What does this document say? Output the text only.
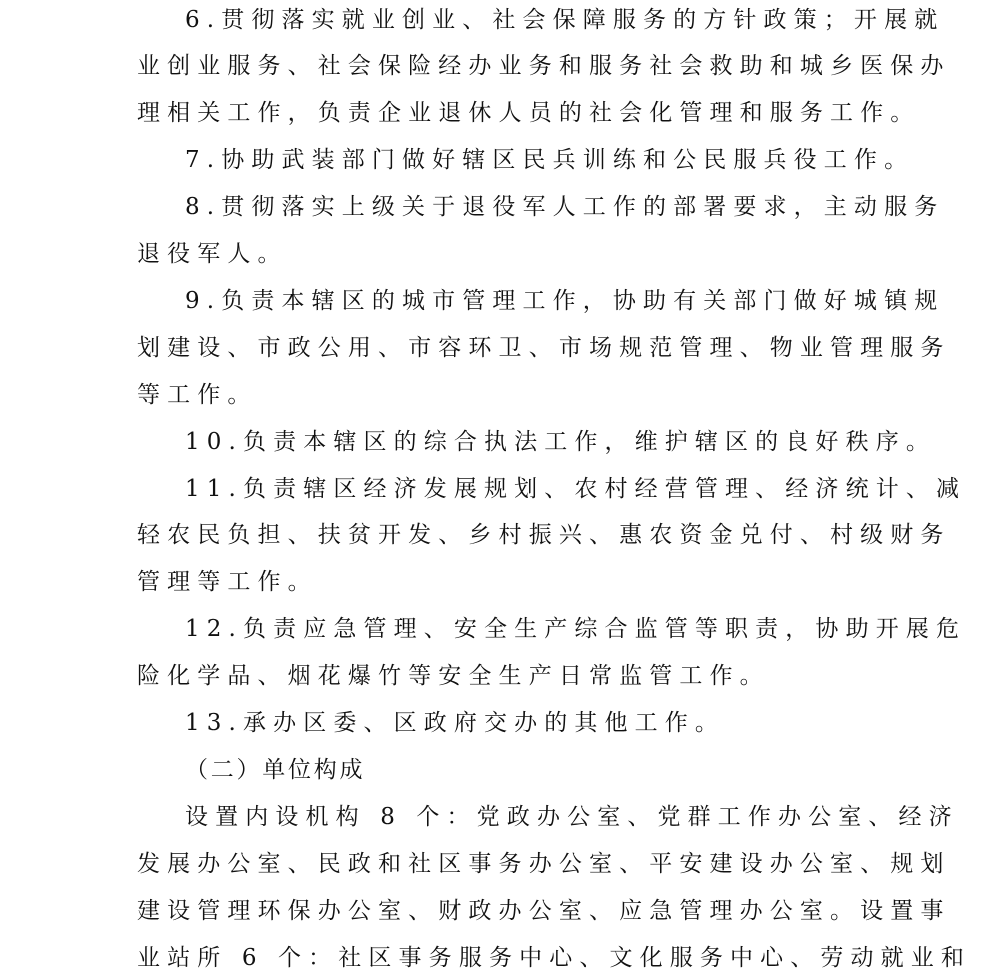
6.贯彻落实就业创业、社会保障服务的方针政策；开展就

业创业服务、社会保险经办业务和服务社会救助和城乡医保办

理相关工作，负责企业退休人员的社会化管理和服务工作。

7.协助武装部门做好辖区民兵训练和公民服兵役工作。

8.贯彻落实上级关于退役军人工作的部署要求，主动服务

退役军人。

9.负责本辖区的城市管理工作，协助有关部门做好城镇规

划建设、市政公用、市容环卫、市场规范管理、物业管理服务

等工作。

10.负责本辖区的综合执法工作，维护辖区的良好秩序。

11.负责辖区经济发展规划、农村经营管理、经济统计、减

轻农民负担、扶贫开发、乡村振兴、惠农资金兑付、村级财务

管理等工作。

12.负责应急管理、安全生产综合监管等职责，协助开展危

险化学品、烟花爆竹等安全生产日常监管工作。

13.承办区委、区政府交办的其他工作。

（二）单位构成

设置内设机构 8 个：党政办公室、党群工作办公室、经济

发展办公室、民政和社区事务办公室、平安建设办公室、规划

建设管理环保办公室、财政办公室、应急管理办公室。设置事

业站所 6 个：社区事务服务中心、文化服务中心、劳动就业和
